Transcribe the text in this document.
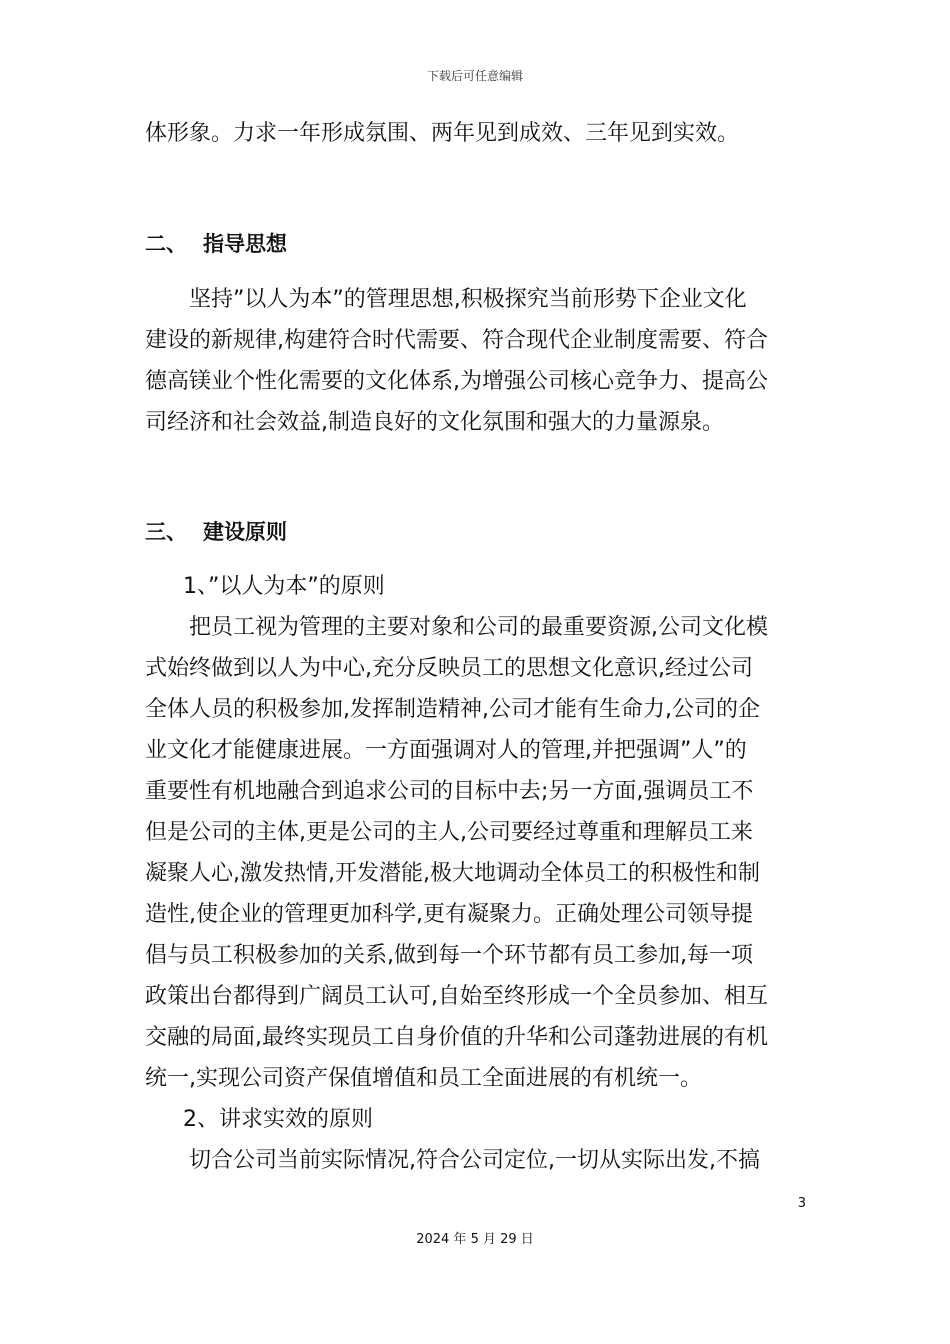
下载后可任意编辑
体形象。力求一年形成氛围、两年见到成效、三年见到实效。
二、 指导思想
坚持”以人为本”的管理思想,积极探究当前形势下企业文化
建设的新规律,构建符合时代需要、符合现代企业制度需要、符合
德高镁业个性化需要的文化体系,为增强公司核心竞争力、提高公
司经济和社会效益,制造良好的文化氛围和强大的力量源泉。
三、 建设原则
1、”以人为本”的原则
把员工视为管理的主要对象和公司的最重要资源,公司文化模
式始终做到以人为中心,充分反映员工的思想文化意识,经过公司
全体人员的积极参加,发挥制造精神,公司才能有生命力,公司的企
业文化才能健康进展。一方面强调对人的管理,并把强调”人”的
重要性有机地融合到追求公司的目标中去;另一方面,强调员工不
但是公司的主体,更是公司的主人,公司要经过尊重和理解员工来
凝聚人心,激发热情,开发潜能,极大地调动全体员工的积极性和制
造性,使企业的管理更加科学,更有凝聚力。正确处理公司领导提
倡与员工积极参加的关系,做到每一个环节都有员工参加,每一项
政策出台都得到广阔员工认可,自始至终形成一个全员参加、相互
交融的局面,最终实现员工自身价值的升华和公司蓬勃进展的有机
统一,实现公司资产保值增值和员工全面进展的有机统一。
2、讲求实效的原则
切合公司当前实际情况,符合公司定位,一切从实际出发,不搞
3
2024 年 5 月 29 日
